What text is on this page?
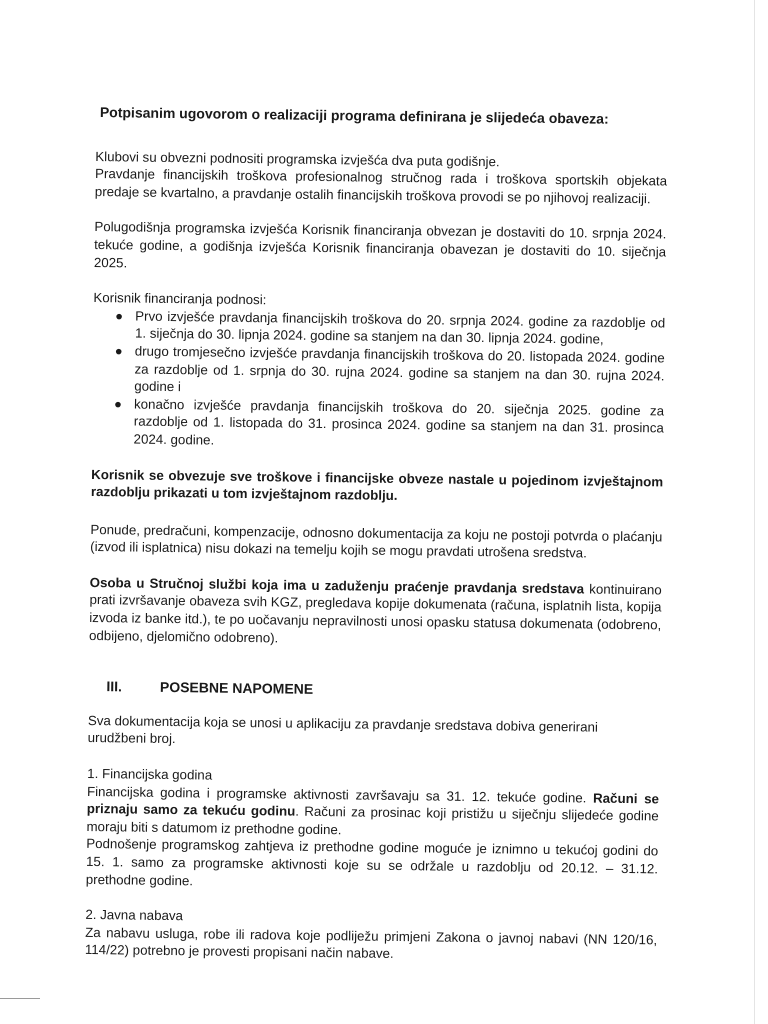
Potpisanim ugovorom o realizaciji programa definirana je slijedeća obaveza:

Klubovi su obvezni podnositi programska izvješća dva puta godišnje.

Pravdanje financijskih troškova profesionalnog stručnog rada i troškova sportskih objekata predaje se kvartalno, a pravdanje ostalih financijskih troškova provodi se po njihovoj realizaciji.

Polugodišnja programska izvješća Korisnik financiranja obvezan je dostaviti do 10. srpnja 2024. tekuće godine, a godišnja izvješća Korisnik financiranja obavezan je dostaviti do 10. siječnja 2025.

Korisnik financiranja podnosi:

● Prvo izvješće pravdanja financijskih troškova do 20. srpnja 2024. godine za razdoblje od 1. siječnja do 30. lipnja 2024. godine sa stanjem na dan 30. lipnja 2024. godine,
● drugo tromjesečno izvješće pravdanja financijskih troškova do 20. listopada 2024. godine za razdoblje od 1. srpnja do 30. rujna 2024. godine sa stanjem na dan 30. rujna 2024. godine i
● konačno izvješće pravdanja financijskih troškova do 20. siječnja 2025. godine za razdoblje od 1. listopada do 31. prosinca 2024. godine sa stanjem na dan 31. prosinca 2024. godine.

Korisnik se obvezuje sve troškove i financijske obveze nastale u pojedinom izvještajnom razdoblju prikazati u tom izvještajnom razdoblju.

Ponude, predračuni, kompenzacije, odnosno dokumentacija za koju ne postoji potvrda o plaćanju (izvod ili isplatnica) nisu dokazi na temelju kojih se mogu pravdati utrošena sredstva.

Osoba u Stručnoj službi koja ima u zaduženju praćenje pravdanja sredstava kontinuirano prati izvršavanje obaveza svih KGZ, pregledava kopije dokumenata (računa, isplatnih lista, kopija izvoda iz banke itd.), te po uočavanju nepravilnosti unosi opasku statusa dokumenata (odobreno, odbijeno, djelomično odobreno).

III.	POSEBNE NAPOMENE

Sva dokumentacija koja se unosi u aplikaciju za pravdanje sredstava dobiva generirani urudžbeni broj.

1. Financijska godina

Financijska godina i programske aktivnosti završavaju sa 31. 12. tekuće godine. Računi se priznaju samo za tekuću godinu. Računi za prosinac koji pristižu u siječnju slijedeće godine moraju biti s datumom iz prethodne godine.

Podnošenje programskog zahtjeva iz prethodne godine moguće je iznimno u tekućoj godini do 15. 1. samo za programske aktivnosti koje su se održale u razdoblju od 20.12. – 31.12. prethodne godine.

2. Javna nabava

Za nabavu usluga, robe ili radova koje podliježu primjeni Zakona o javnoj nabavi (NN 120/16, 114/22) potrebno je provesti propisani način nabave.
